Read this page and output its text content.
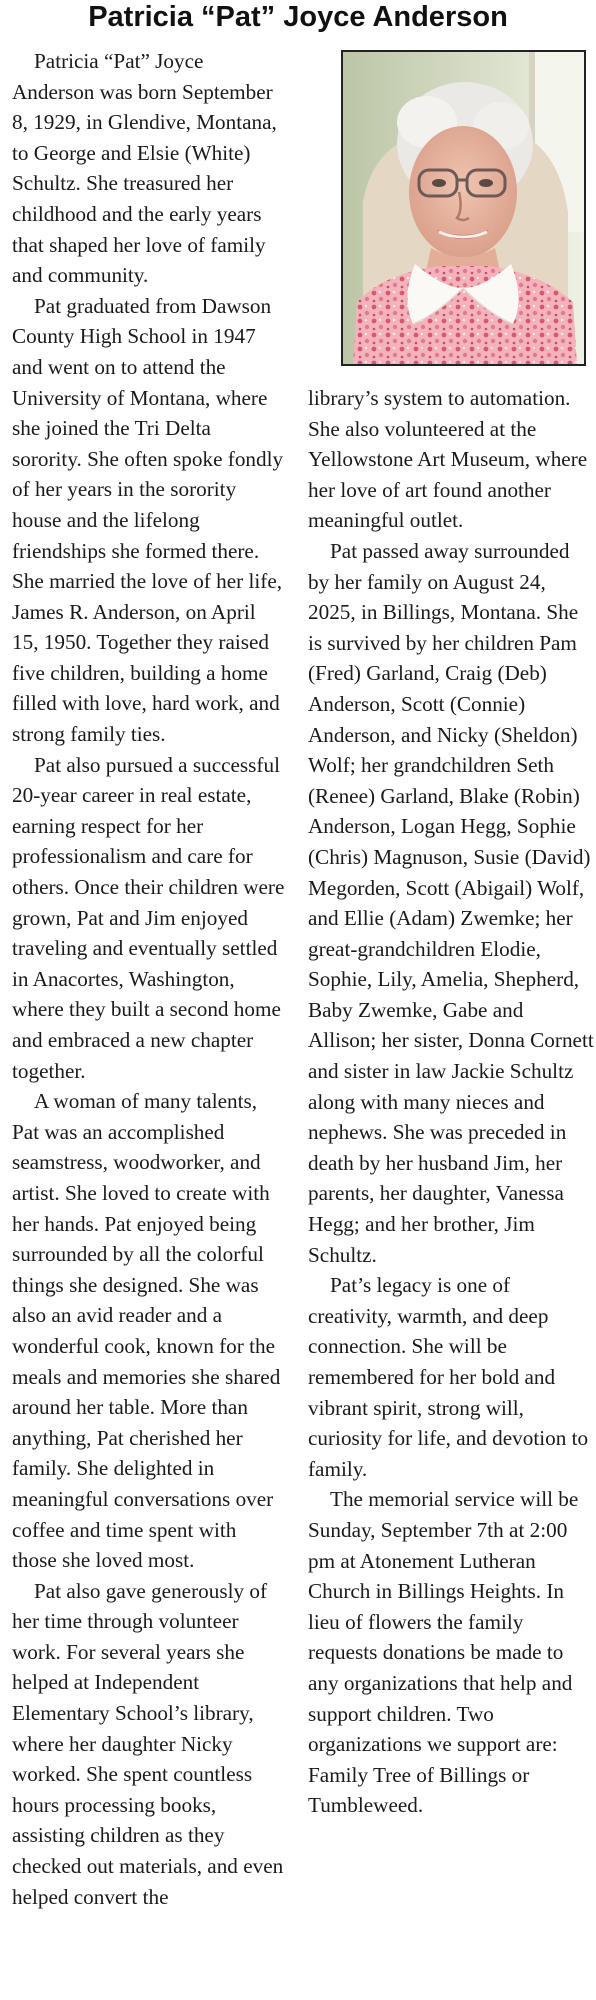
Patricia “Pat” Joyce Anderson

Patricia “Pat” Joyce Anderson was born September 8, 1929, in Glendive, Montana, to George and Elsie (White) Schultz. She treasured her childhood and the early years that shaped her love of family and community.

Pat graduated from Dawson County High School in 1947 and went on to attend the University of Montana, where she joined the Tri Delta sorority. She often spoke fondly of her years in the sorority house and the lifelong friendships she formed there. She married the love of her life, James R. Anderson, on April 15, 1950. Together they raised five children, building a home filled with love, hard work, and strong family ties.

Pat also pursued a successful 20-year career in real estate, earning respect for her professionalism and care for others. Once their children were grown, Pat and Jim enjoyed traveling and eventually settled in Anacortes, Washington, where they built a second home and embraced a new chapter together.

A woman of many talents, Pat was an accomplished seamstress, woodworker, and artist. She loved to create with her hands. Pat enjoyed being surrounded by all the colorful things she designed. She was also an avid reader and a wonderful cook, known for the meals and memories she shared around her table. More than anything, Pat cherished her family. She delighted in meaningful conversations over coffee and time spent with those she loved most.

Pat also gave generously of her time through volunteer work. For several years she helped at Independent Elementary School’s library, where her daughter Nicky worked. She spent countless hours processing books, assisting children as they checked out materials, and even helped convert the

library’s system to automation. She also volunteered at the Yellowstone Art Museum, where her love of art found another meaningful outlet.

Pat passed away surrounded by her family on August 24, 2025, in Billings, Montana. She is survived by her children Pam (Fred) Garland, Craig (Deb) Anderson, Scott (Connie) Anderson, and Nicky (Sheldon) Wolf; her grandchildren Seth (Renee) Garland, Blake (Robin) Anderson, Logan Hegg, Sophie (Chris) Magnuson, Susie (David) Megorden, Scott (Abigail) Wolf, and Ellie (Adam) Zwemke; her great-grandchildren Elodie, Sophie, Lily, Amelia, Shepherd, Baby Zwemke, Gabe and Allison; her sister, Donna Cornett and sister in law Jackie Schultz along with many nieces and nephews. She was preceded in death by her husband Jim, her parents, her daughter, Vanessa Hegg; and her brother, Jim Schultz.

Pat’s legacy is one of creativity, warmth, and deep connection. She will be remembered for her bold and vibrant spirit, strong will, curiosity for life, and devotion to family.

The memorial service will be Sunday, September 7th at 2:00 pm at Atonement Lutheran Church in Billings Heights. In lieu of flowers the family requests donations be made to any organizations that help and support children. Two organizations we support are: Family Tree of Billings or Tumbleweed.
